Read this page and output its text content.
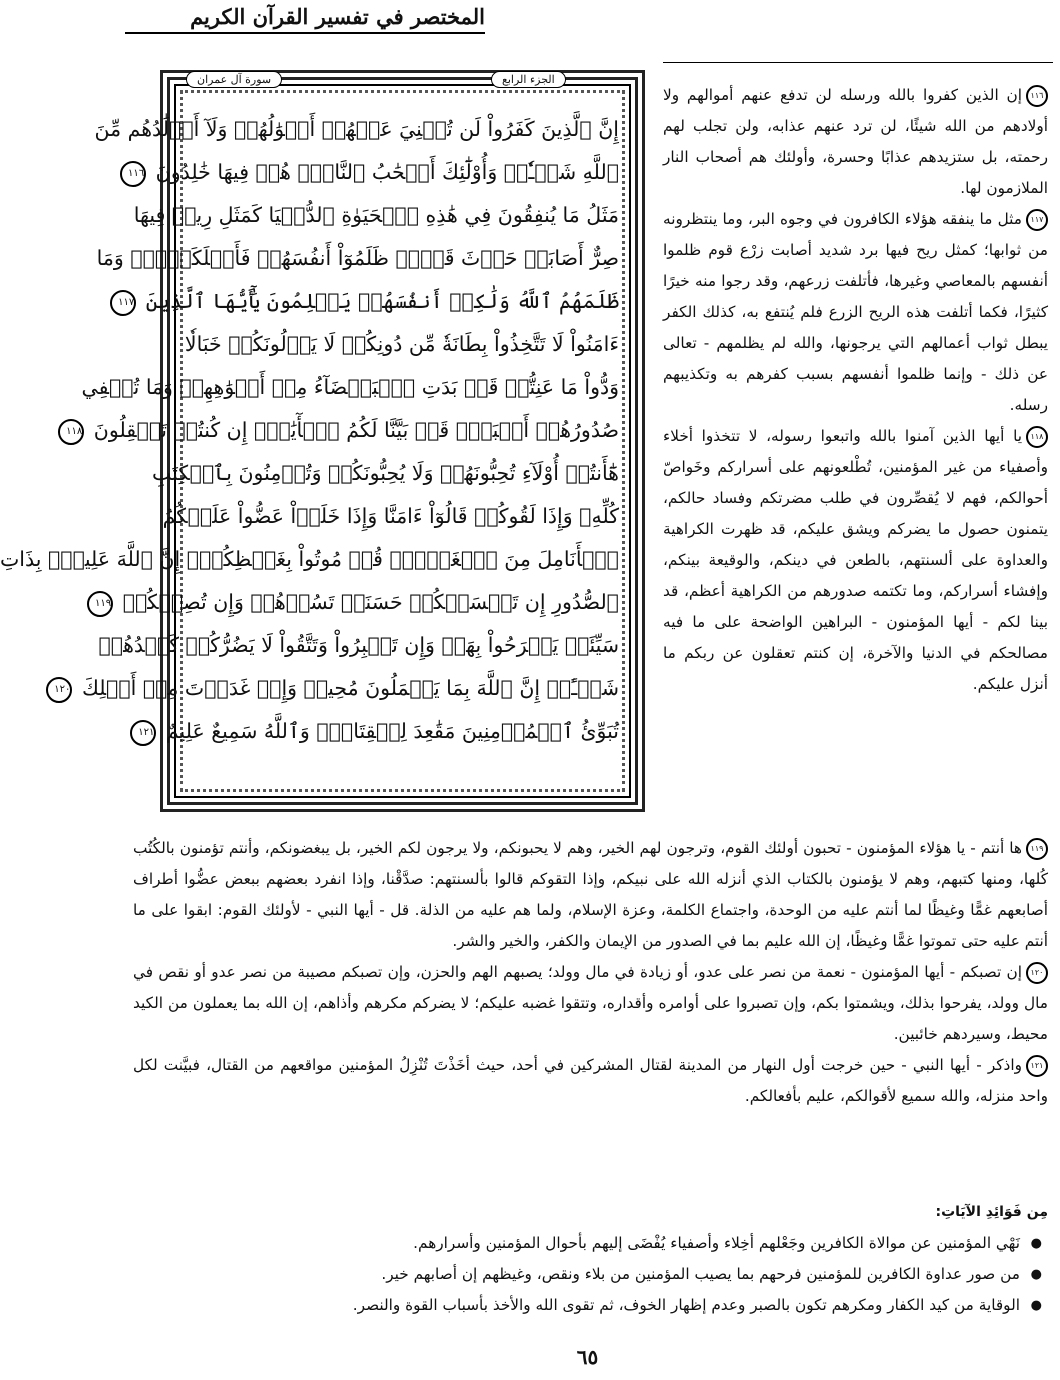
المختصر في تفسير القرآن الكريم
الجزء الرابع
سورة آل عمران
إِنَّ ٱلَّذِينَ كَفَرُواْ لَن تُغۡنِيَ عَنۡهُمۡ أَمۡوَٰلُهُمۡ وَلَآ أَوۡلَٰدُهُم مِّنَ
ٱللَّهِ شَيۡـٔٗاۖ وَأُوْلَٰٓئِكَ أَصۡحَٰبُ ٱلنَّارِۖ هُمۡ فِيهَا خَٰلِدُونَ ١١٦
مَثَلُ مَا يُنفِقُونَ فِي هَٰذِهِ ٱلۡحَيَوٰةِ ٱلدُّنۡيَا كَمَثَلِ رِيحٖ فِيهَا
صِرٌّ أَصَابَتۡ حَرۡثَ قَوۡمٖ ظَلَمُوٓاْ أَنفُسَهُمۡ فَأَهۡلَكَتۡهُۚ وَمَا
ظَلَمَهُمُ ٱللَّهُ وَلَٰكِنۡ أَنفُسَهُمۡ يَظۡلِمُونَ يَٰٓأَيُّهَا ٱلَّذِينَ ١١٧
ءَامَنُواْ لَا تَتَّخِذُواْ بِطَانَةٗ مِّن دُونِكُمۡ لَا يَأۡلُونَكُمۡ خَبَالٗا
وَدُّواْ مَا عَنِتُّمۡ قَدۡ بَدَتِ ٱلۡبَغۡضَآءُ مِنۡ أَفۡوَٰهِهِمۡ وَمَا تُخۡفِي
صُدُورُهُمۡ أَكۡبَرُۚ قَدۡ بَيَّنَّا لَكُمُ ٱلۡأٓيَٰتِۖ إِن كُنتُمۡ تَعۡقِلُونَ ١١٨
هَٰٓأَنتُمۡ أُوْلَآءِ تُحِبُّونَهُمۡ وَلَا يُحِبُّونَكُمۡ وَتُؤۡمِنُونَ بِٱلۡكِتَٰبِ
كُلِّهِۦ وَإِذَا لَقُوكُمۡ قَالُوٓاْ ءَامَنَّا وَإِذَا خَلَوۡاْ عَضُّواْ عَلَيۡكُمُ
ٱلۡأَنَامِلَ مِنَ ٱلۡغَيۡظِۚ قُلۡ مُوتُواْ بِغَيۡظِكُمۡۗ إِنَّ ٱللَّهَ عَلِيمُۢ بِذَاتِ
ٱلصُّدُورِ إِن تَمۡسَسۡكُمۡ حَسَنَةٞ تَسُؤۡهُمۡ وَإِن تُصِبۡكُمۡ ١١٩
سَيِّئَةٞ يَفۡرَحُواْ بِهَاۖ وَإِن تَصۡبِرُواْ وَتَتَّقُواْ لَا يَضُرُّكُمۡ كَيۡدُهُمۡ
شَيۡـًٔاۗ إِنَّ ٱللَّهَ بِمَا يَعۡمَلُونَ مُحِيطٞ وَإِذۡ غَدَوۡتَ مِنۡ أَهۡلِكَ ١٢٠
تُبَوِّئُ ٱلۡمُؤۡمِنِينَ مَقَٰعِدَ لِلۡقِتَالِۗ وَٱللَّهُ سَمِيعٌ عَلِيمٌ ١٢١

١١٦إن الذين كفروا بالله ورسله لن تدفع عنهم أموالهم ولا أولادهم من الله شيئًا، لن ترد عنهم عذابه، ولن تجلب لهم رحمته، بل ستزيدهم عذابًا وحسرة، وأولئك هم أصحاب النار الملازمون لها.

١١٧مثل ما ينفقه هؤلاء الكافرون في وجوه البر، وما ينتظرونه من ثوابها؛ كمثل ريح فيها برد شديد أصابت زرْع قوم ظلموا أنفسهم بالمعاصي وغيرها، فأتلفت زرعهم، وقد رجوا منه خيرًا كثيرًا، فكما أتلفت هذه الريح الزرع فلم يُنتفع به، كذلك الكفر يبطل ثواب أعمالهم التي يرجونها، والله لم يظلمهم - تعالى عن ذلك - وإنما ظلموا أنفسهم بسبب كفرهم به وتكذيبهم رسله.

١١٨يا أيها الذين آمنوا بالله واتبعوا رسوله، لا تتخذوا أخلاء وأصفياء من غير المؤمنين، تُطْلعونهم على أسراركم وخَواصّ أحوالكم، فهم لا يُقصِّرون في طلب مضرتكم وفساد حالكم، يتمنون حصول ما يضركم ويشق عليكم، قد ظهرت الكراهية والعداوة على ألسنتهم، بالطعن في دينكم، والوقيعة بينكم، وإفشاء أسراركم، وما تكتمه صدورهم من الكراهية أعظم، قد بينا لكم - أيها المؤمنون - البراهين الواضحة على ما فيه مصالحكم في الدنيا والآخرة، إن كنتم تعقلون عن ربكم ما أنزل عليكم.

١١٩ها أنتم - يا هؤلاء المؤمنون - تحبون أولئك القوم، وترجون لهم الخير، وهم لا يحبونكم، ولا يرجون لكم الخير، بل يبغضونكم، وأنتم تؤمنون بالكُتُب كُلها، ومنها كتبهم، وهم لا يؤمنون بالكتاب الذي أنزله الله على نبيكم، وإذا التقوكم قالوا بألسنتهم: صدَّقْنا، وإذا انفرد بعضهم ببعض عضُّوا أطراف أصابعهم غمًّا وغيظًا لما أنتم عليه من الوحدة، واجتماع الكلمة، وعزة الإسلام، ولما هم عليه من الذلة. قل - أيها النبي - لأولئك القوم: ابقوا على ما أنتم عليه حتى تموتوا غمًّا وغيظًا، إن الله عليم بما في الصدور من الإيمان والكفر، والخير والشر.

١٢٠إن تصبكم - أيها المؤمنون - نعمة من نصر على عدو، أو زيادة في مال وولد؛ يصبهم الهم والحزن، وإن تصبكم مصيبة من نصر عدو أو نقص في مال وولد، يفرحوا بذلك، ويشمتوا بكم، وإن تصبروا على أوامره وأقداره، وتتقوا غضبه عليكم؛ لا يضركم مكرهم وأذاهم، إن الله بما يعملون من الكيد محيط، وسيردهم خائبين.

١٢١واذكر - أيها النبي - حين خرجت أول النهار من المدينة لقتال المشركين في أحد، حيث أخَذْتَ تُنْزِلُ المؤمنين مواقعهم من القتال، فبيَّنت لكل واحد منزله، والله سميع لأقوالكم، عليم بأفعالكم.

مِن فَوَائِدِ الآيَاتِ:
● نَهْي المؤمنين عن موالاة الكافرين وجَعْلهم أخِلاء وأصفياء يُفْضَى إليهم بأحوال المؤمنين وأسرارهم.
● من صور عداوة الكافرين للمؤمنين فرحهم بما يصيب المؤمنين من بلاء ونقص، وغيظهم إن أصابهم خير.
● الوقاية من كيد الكفار ومكرهم تكون بالصبر وعدم إظهار الخوف، ثم تقوى الله والأخذ بأسباب القوة والنصر.
٦٥
